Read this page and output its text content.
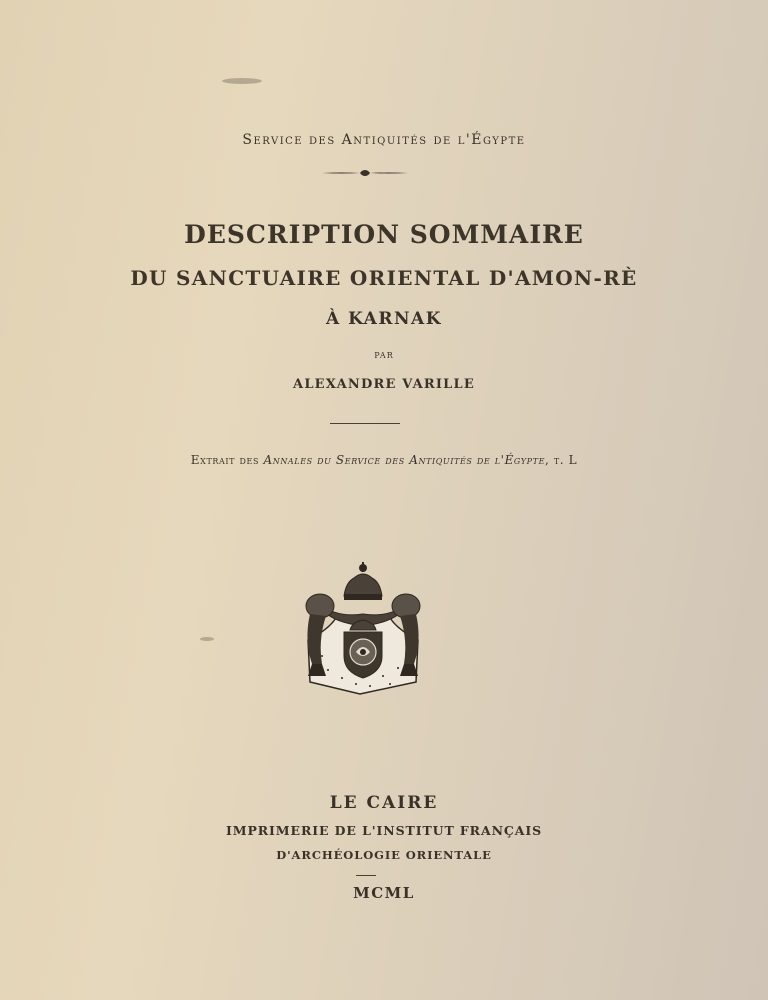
Service des Antiquités de l'Égypte
DESCRIPTION SOMMAIRE
DU SANCTUAIRE ORIENTAL D'AMON-RÈ
À KARNAK
par
ALEXANDRE VARILLE
Extrait des Annales du Service des Antiquités de l'Égypte, t. L
LE CAIRE
IMPRIMERIE DE L'INSTITUT FRANÇAIS
D'ARCHÉOLOGIE ORIENTALE
MCML
